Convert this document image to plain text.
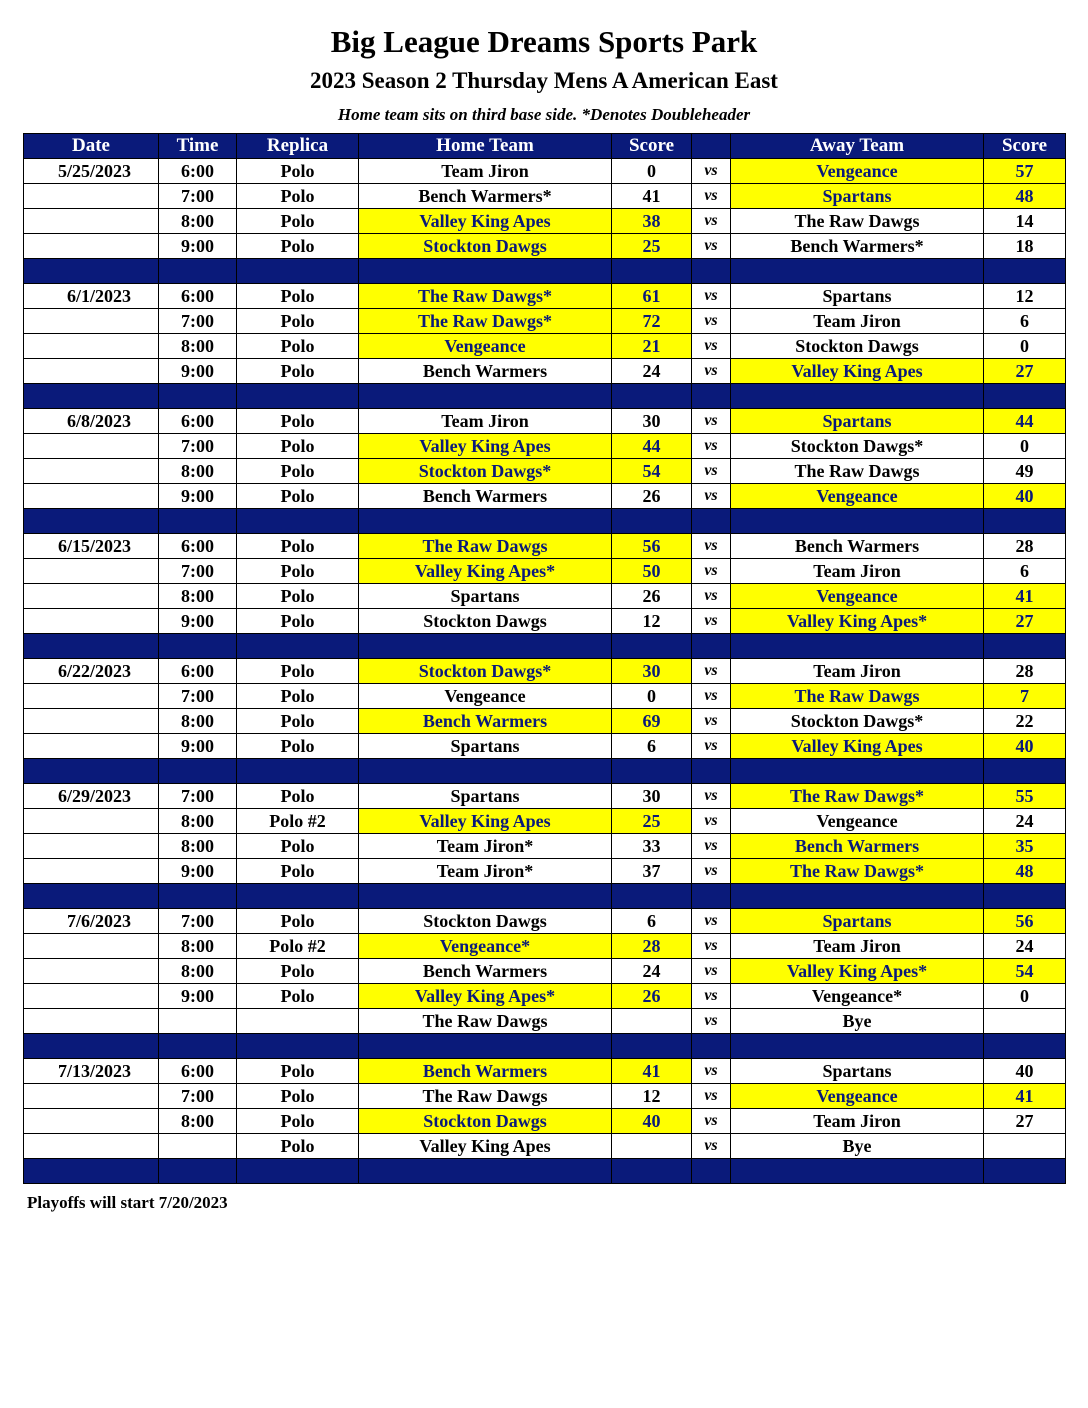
Big League Dreams Sports Park
2023 Season 2 Thursday Mens A American East
Home team sits on third base side. *Denotes Doubleheader
Date	Time	Replica	Home Team	Score		Away Team	Score
5/25/2023	6:00	Polo	Team Jiron	0	vs	Vengeance	57
	7:00	Polo	Bench Warmers*	41	vs	Spartans	48
	8:00	Polo	Valley King Apes	38	vs	The Raw Dawgs	14
	9:00	Polo	Stockton Dawgs	25	vs	Bench Warmers*	18

6/1/2023	6:00	Polo	The Raw Dawgs*	61	vs	Spartans	12
	7:00	Polo	The Raw Dawgs*	72	vs	Team Jiron	6
	8:00	Polo	Vengeance	21	vs	Stockton Dawgs	0
	9:00	Polo	Bench Warmers	24	vs	Valley King Apes	27

6/8/2023	6:00	Polo	Team Jiron	30	vs	Spartans	44
	7:00	Polo	Valley King Apes	44	vs	Stockton Dawgs*	0
	8:00	Polo	Stockton Dawgs*	54	vs	The Raw Dawgs	49
	9:00	Polo	Bench Warmers	26	vs	Vengeance	40

6/15/2023	6:00	Polo	The Raw Dawgs	56	vs	Bench Warmers	28
	7:00	Polo	Valley King Apes*	50	vs	Team Jiron	6
	8:00	Polo	Spartans	26	vs	Vengeance	41
	9:00	Polo	Stockton Dawgs	12	vs	Valley King Apes*	27

6/22/2023	6:00	Polo	Stockton Dawgs*	30	vs	Team Jiron	28
	7:00	Polo	Vengeance	0	vs	The Raw Dawgs	7
	8:00	Polo	Bench Warmers	69	vs	Stockton Dawgs*	22
	9:00	Polo	Spartans	6	vs	Valley King Apes	40

6/29/2023	7:00	Polo	Spartans	30	vs	The Raw Dawgs*	55
	8:00	Polo #2	Valley King Apes	25	vs	Vengeance	24
	8:00	Polo	Team Jiron*	33	vs	Bench Warmers	35
	9:00	Polo	Team Jiron*	37	vs	The Raw Dawgs*	48

7/6/2023	7:00	Polo	Stockton Dawgs	6	vs	Spartans	56
	8:00	Polo #2	Vengeance*	28	vs	Team Jiron	24
	8:00	Polo	Bench Warmers	24	vs	Valley King Apes*	54
	9:00	Polo	Valley King Apes*	26	vs	Vengeance*	0
			The Raw Dawgs		vs	Bye	

7/13/2023	6:00	Polo	Bench Warmers	41	vs	Spartans	40
	7:00	Polo	The Raw Dawgs	12	vs	Vengeance	41
	8:00	Polo	Stockton Dawgs	40	vs	Team Jiron	27
		Polo	Valley King Apes		vs	Bye	

Playoffs will start 7/20/2023
